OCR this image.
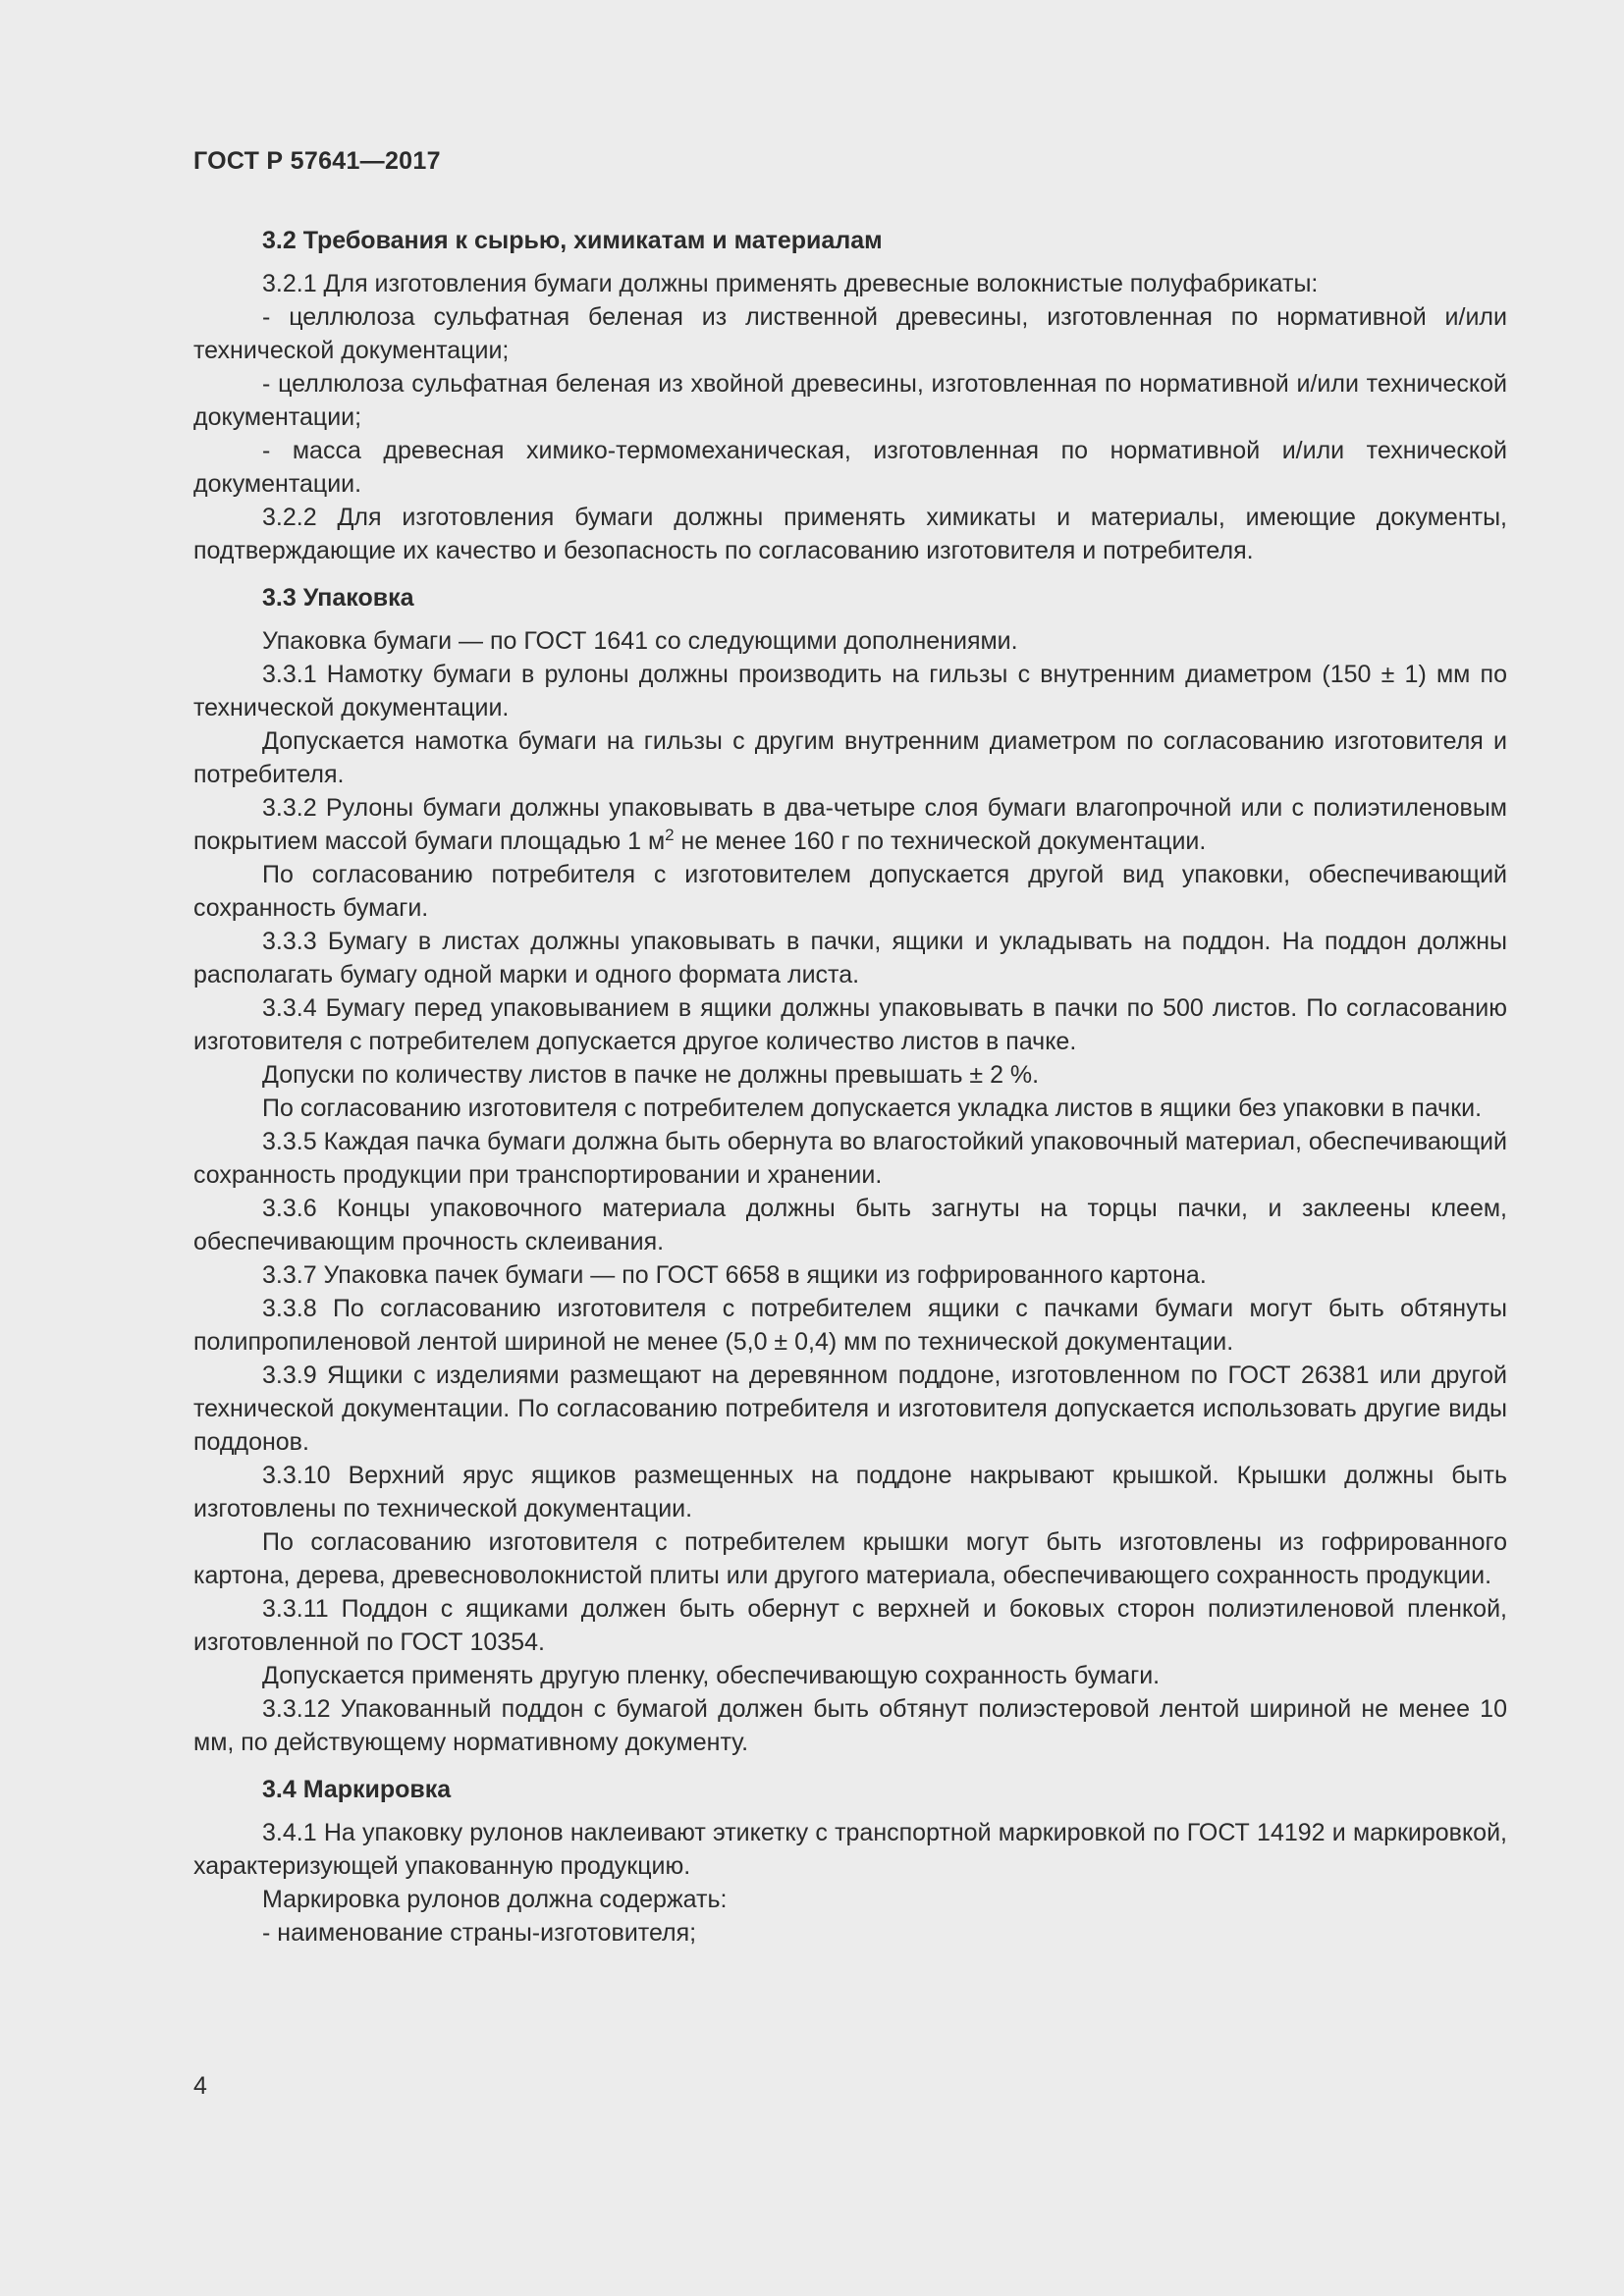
ГОСТ Р 57641—2017
3.2 Требования к сырью, химикатам и материалам

3.2.1 Для изготовления бумаги должны применять древесные волокнистые полуфабрикаты:

- целлюлоза сульфатная беленая из лиственной древесины, изготовленная по нормативной и/или технической документации;

- целлюлоза сульфатная беленая из хвойной древесины, изготовленная по нормативной и/или технической документации;

- масса древесная химико-термомеханическая, изготовленная по нормативной и/или технической документации.

3.2.2 Для изготовления бумаги должны применять химикаты и материалы, имеющие документы, подтверждающие их качество и безопасность по согласованию изготовителя и потребителя.

3.3 Упаковка

Упаковка бумаги — по ГОСТ 1641 со следующими дополнениями.

3.3.1 Намотку бумаги в рулоны должны производить на гильзы с внутренним диаметром (150 ± 1) мм по технической документации.

Допускается намотка бумаги на гильзы с другим внутренним диаметром по согласованию изготовителя и потребителя.

3.3.2 Рулоны бумаги должны упаковывать в два-четыре слоя бумаги влагопрочной или с полиэтиленовым покрытием массой бумаги площадью 1 $м^2$ не менее 160 г по технической документации.

По согласованию потребителя с изготовителем допускается другой вид упаковки, обеспечивающий сохранность бумаги.

3.3.3 Бумагу в листах должны упаковывать в пачки, ящики и укладывать на поддон. На поддон должны располагать бумагу одной марки и одного формата листа.

3.3.4 Бумагу перед упаковыванием в ящики должны упаковывать в пачки по 500 листов. По согласованию изготовителя с потребителем допускается другое количество листов в пачке.

Допуски по количеству листов в пачке не должны превышать ± 2 %.

По согласованию изготовителя с потребителем допускается укладка листов в ящики без упаковки в пачки.

3.3.5 Каждая пачка бумаги должна быть обернута во влагостойкий упаковочный материал, обеспечивающий сохранность продукции при транспортировании и хранении.

3.3.6 Концы упаковочного материала должны быть загнуты на торцы пачки, и заклеены клеем, обеспечивающим прочность склеивания.

3.3.7 Упаковка пачек бумаги — по ГОСТ 6658 в ящики из гофрированного картона.

3.3.8 По согласованию изготовителя с потребителем ящики с пачками бумаги могут быть обтянуты полипропиленовой лентой шириной не менее (5,0 ± 0,4) мм по технической документации.

3.3.9 Ящики с изделиями размещают на деревянном поддоне, изготовленном по ГОСТ 26381 или другой технической документации. По согласованию потребителя и изготовителя допускается использовать другие виды поддонов.

3.3.10 Верхний ярус ящиков размещенных на поддоне накрывают крышкой. Крышки должны быть изготовлены по технической документации.

По согласованию изготовителя с потребителем крышки могут быть изготовлены из гофрированного картона, дерева, древесноволокнистой плиты или другого материала, обеспечивающего сохранность продукции.

3.3.11 Поддон с ящиками должен быть обернут с верхней и боковых сторон полиэтиленовой пленкой, изготовленной по ГОСТ 10354.

Допускается применять другую пленку, обеспечивающую сохранность бумаги.

3.3.12 Упакованный поддон с бумагой должен быть обтянут полиэстеровой лентой шириной не менее 10 мм, по действующему нормативному документу.

3.4 Маркировка

3.4.1 На упаковку рулонов наклеивают этикетку с транспортной маркировкой по ГОСТ 14192 и маркировкой, характеризующей упакованную продукцию.

Маркировка рулонов должна содержать:

- наименование страны-изготовителя;

4
